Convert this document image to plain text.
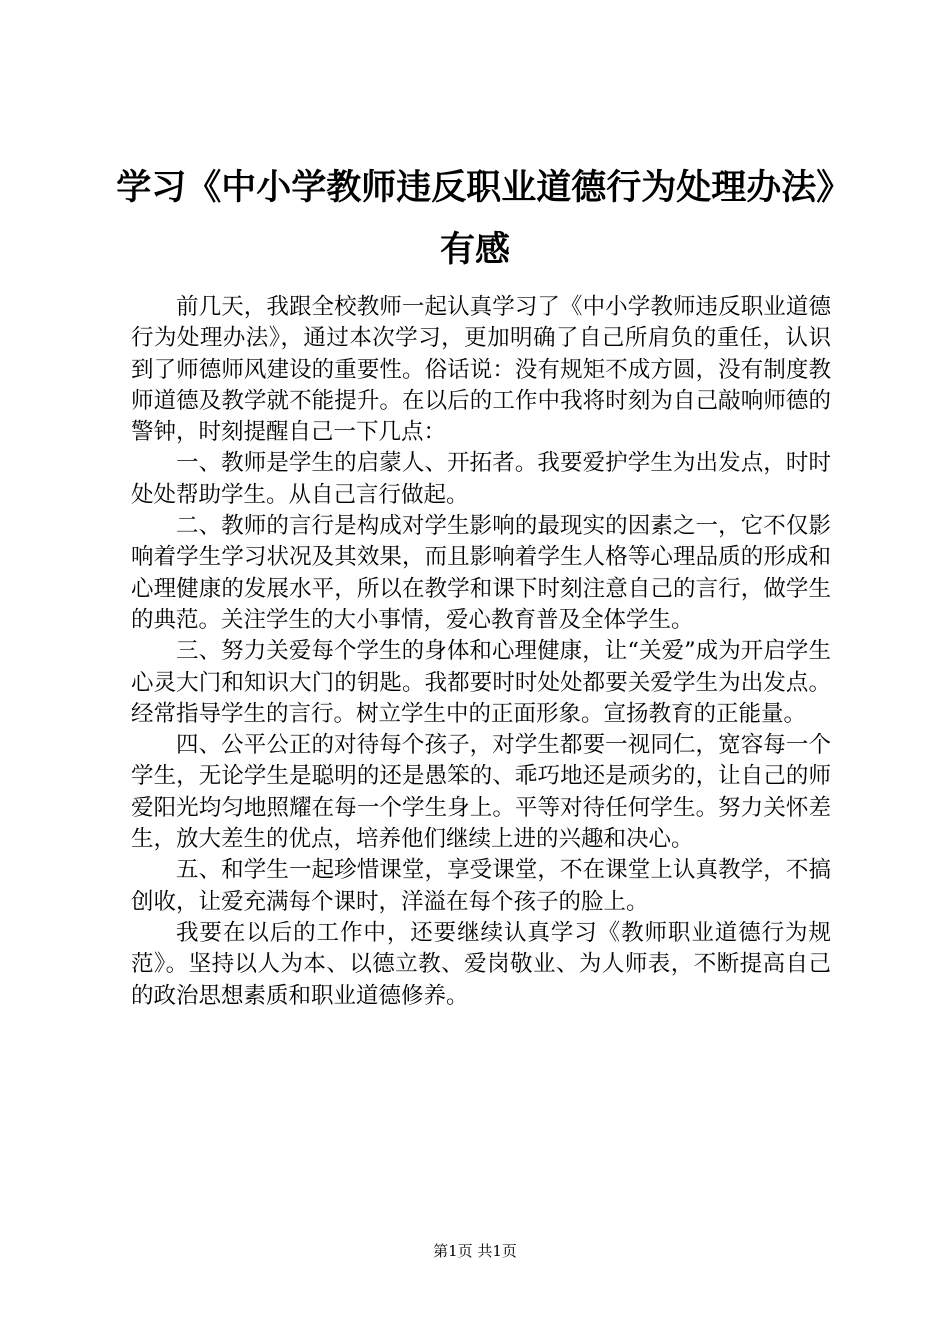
学习《中小学教师违反职业道德行为处理办法》有感

前几天，我跟全校教师一起认真学习了《中小学教师违反职业道德行为处理办法》，通过本次学习，更加明确了自己所肩负的重任，认识到了师德师风建设的重要性。俗话说：没有规矩不成方圆，没有制度教师道德及教学就不能提升。在以后的工作中我将时刻为自己敲响师德的警钟，时刻提醒自己一下几点：

一、教师是学生的启蒙人、开拓者。我要爱护学生为出发点，时时处处帮助学生。从自己言行做起。

二、教师的言行是构成对学生影响的最现实的因素之一，它不仅影响着学生学习状况及其效果，而且影响着学生人格等心理品质的形成和心理健康的发展水平，所以在教学和课下时刻注意自己的言行，做学生的典范。关注学生的大小事情，爱心教育普及全体学生。

三、努力关爱每个学生的身体和心理健康，让“关爱”成为开启学生心灵大门和知识大门的钥匙。我都要时时处处都要关爱学生为出发点。经常指导学生的言行。树立学生中的正面形象。宣扬教育的正能量。

四、公平公正的对待每个孩子，对学生都要一视同仁，宽容每一个学生，无论学生是聪明的还是愚笨的、乖巧地还是顽劣的，让自己的师爱阳光均匀地照耀在每一个学生身上。平等对待任何学生。努力关怀差生，放大差生的优点，培养他们继续上进的兴趣和决心。

五、和学生一起珍惜课堂，享受课堂，不在课堂上认真教学，不搞创收，让爱充满每个课时，洋溢在每个孩子的脸上。

我要在以后的工作中，还要继续认真学习《教师职业道德行为规范》。坚持以人为本、以德立教、爱岗敬业、为人师表，不断提高自己的政治思想素质和职业道德修养。

第1页 共1页
